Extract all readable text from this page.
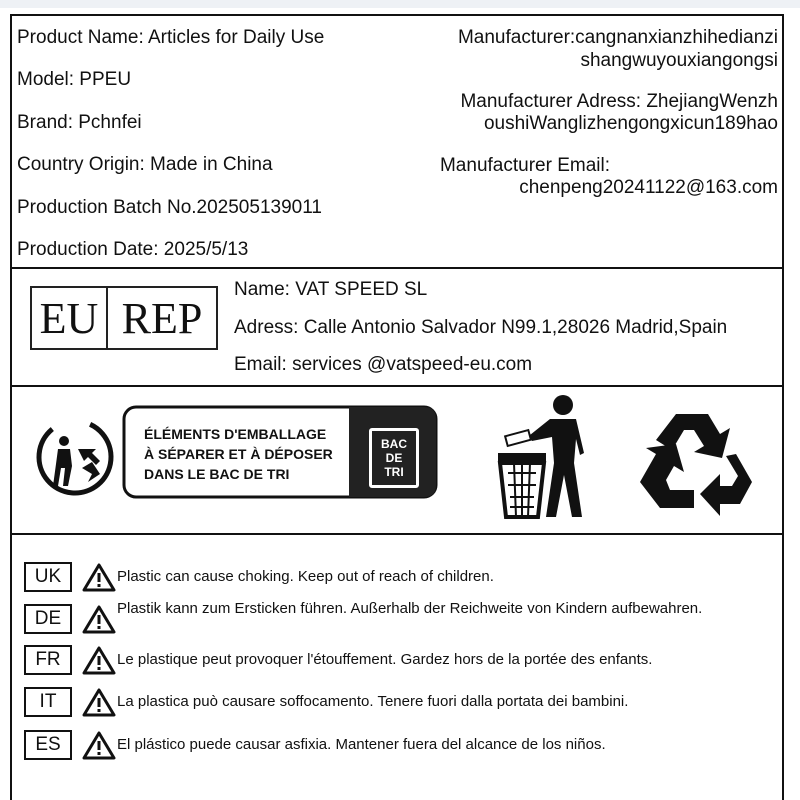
Product Name: Articles for Daily Use
Model: PPEU
Brand: Pchnfei
Country Origin: Made in China
Production Batch No.202505139011
Production Date: 2025/5/13
Manufacturer:cangnanxianzhihedianzi
shangwuyouxiangongsi
Manufacturer Adress: ZhejiangWenzh
oushiWanglizhengongxicun189hao
Manufacturer Email:
chenpeng20241122@163.com
EU REP
Name: VAT SPEED SL
Adress: Calle Antonio Salvador N99.1,28026 Madrid,Spain
Email: services @vatspeed-eu.com
ÉLÉMENTS D'EMBALLAGE
À SÉPARER ET À DÉPOSER
DANS LE BAC DE TRI
BAC
DE
TRI
UK	Plastic can cause choking. Keep out of reach of children.
DE	Plastik kann zum Ersticken führen. Außerhalb der Reichweite von Kindern aufbewahren.
FR	Le plastique peut provoquer l'étouffement. Gardez hors de la portée des enfants.
IT	La plastica può causare soffocamento. Tenere fuori dalla portata dei bambini.
ES	El plástico puede causar asfixia. Mantener fuera del alcance de los niños.
